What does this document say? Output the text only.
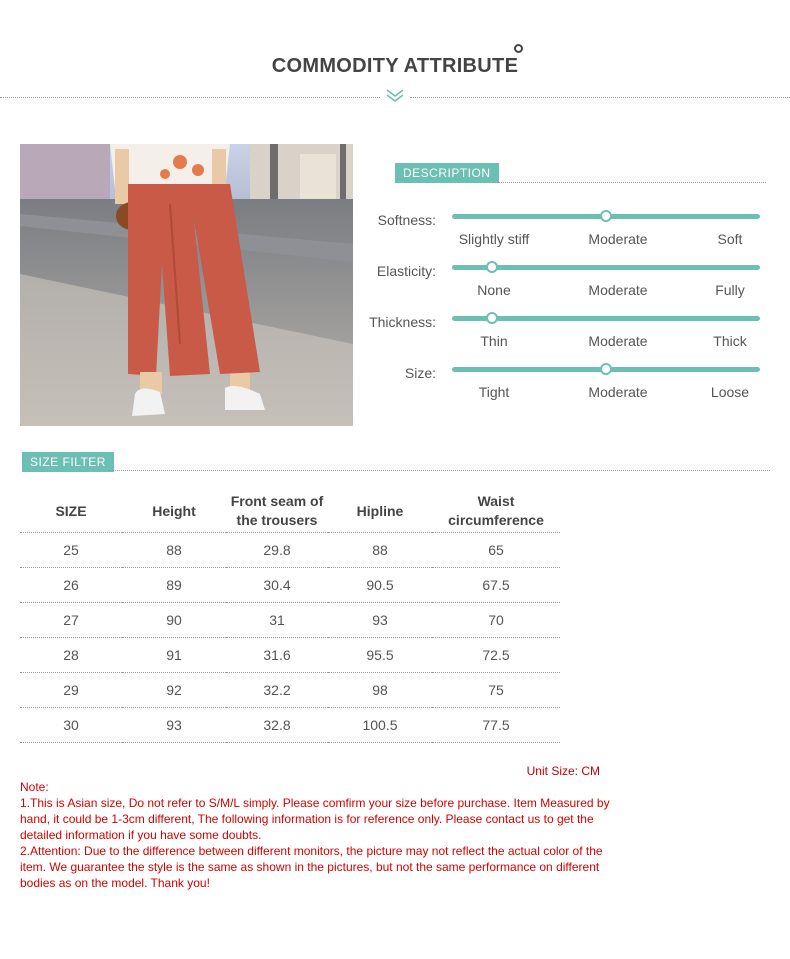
COMMODITY ATTRIBUTE
DESCRIPTION
Softness:
Slightly stiff	Moderate	Soft
Elasticity:
None	Moderate	Fully
Thickness:
Thin	Moderate	Thick
Size:
Tight	Moderate	Loose
SIZE FILTER
SIZE	Height	Front seam of the trousers	Hipline	Waist circumference
25	88	29.8	88	65
26	89	30.4	90.5	67.5
27	90	31	93	70
28	91	31.6	95.5	72.5
29	92	32.2	98	75
30	93	32.8	100.5	77.5
Unit Size: CM

Note:

1.This is Asian size, Do not refer to S/M/L simply. Please comfirm your size before purchase. Item Measured by hand, it could be 1-3cm different, The following information is for reference only. Please contact us to get the detailed information if you have some doubts.

2.Attention: Due to the difference between different monitors, the picture may not reflect the actual color of the item. We guarantee the style is the same as shown in the pictures, but not the same performance on different bodies as on the model. Thank you!
